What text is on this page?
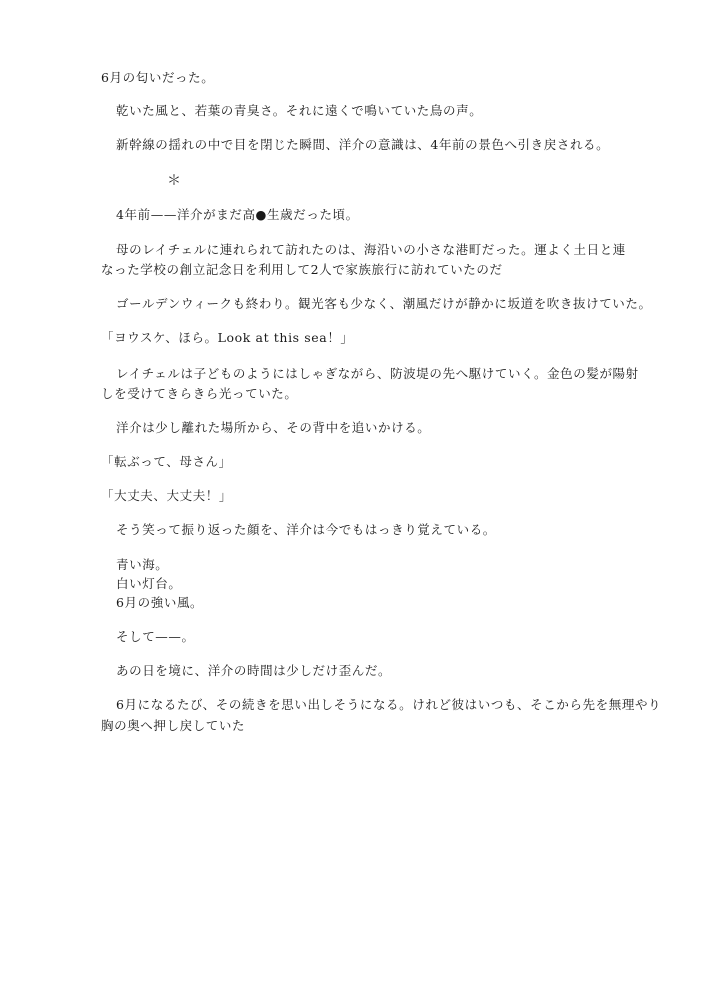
6月の匂いだった。
乾いた風と、若葉の青臭さ。それに遠くで鳴いていた鳥の声。
新幹線の揺れの中で目を閉じた瞬間、洋介の意識は、4年前の景色へ引き戻される。
＊
4年前——洋介がまだ高●生歳だった頃。
母のレイチェルに連れられて訪れたのは、海沿いの小さな港町だった。運よく土日と連
なった学校の創立記念日を利用して2人で家族旅行に訪れていたのだ
ゴールデンウィークも終わり。観光客も少なく、潮風だけが静かに坂道を吹き抜けていた。
「ヨウスケ、ほら。Look at this sea！」
レイチェルは子どものようにはしゃぎながら、防波堤の先へ駆けていく。金色の髪が陽射
しを受けてきらきら光っていた。
洋介は少し離れた場所から、その背中を追いかける。
「転ぶって、母さん」
「大丈夫、大丈夫！」
そう笑って振り返った顔を、洋介は今でもはっきり覚えている。
青い海。
白い灯台。
6月の強い風。
そして——。
あの日を境に、洋介の時間は少しだけ歪んだ。
6月になるたび、その続きを思い出しそうになる。けれど彼はいつも、そこから先を無理やり
胸の奥へ押し戻していた
